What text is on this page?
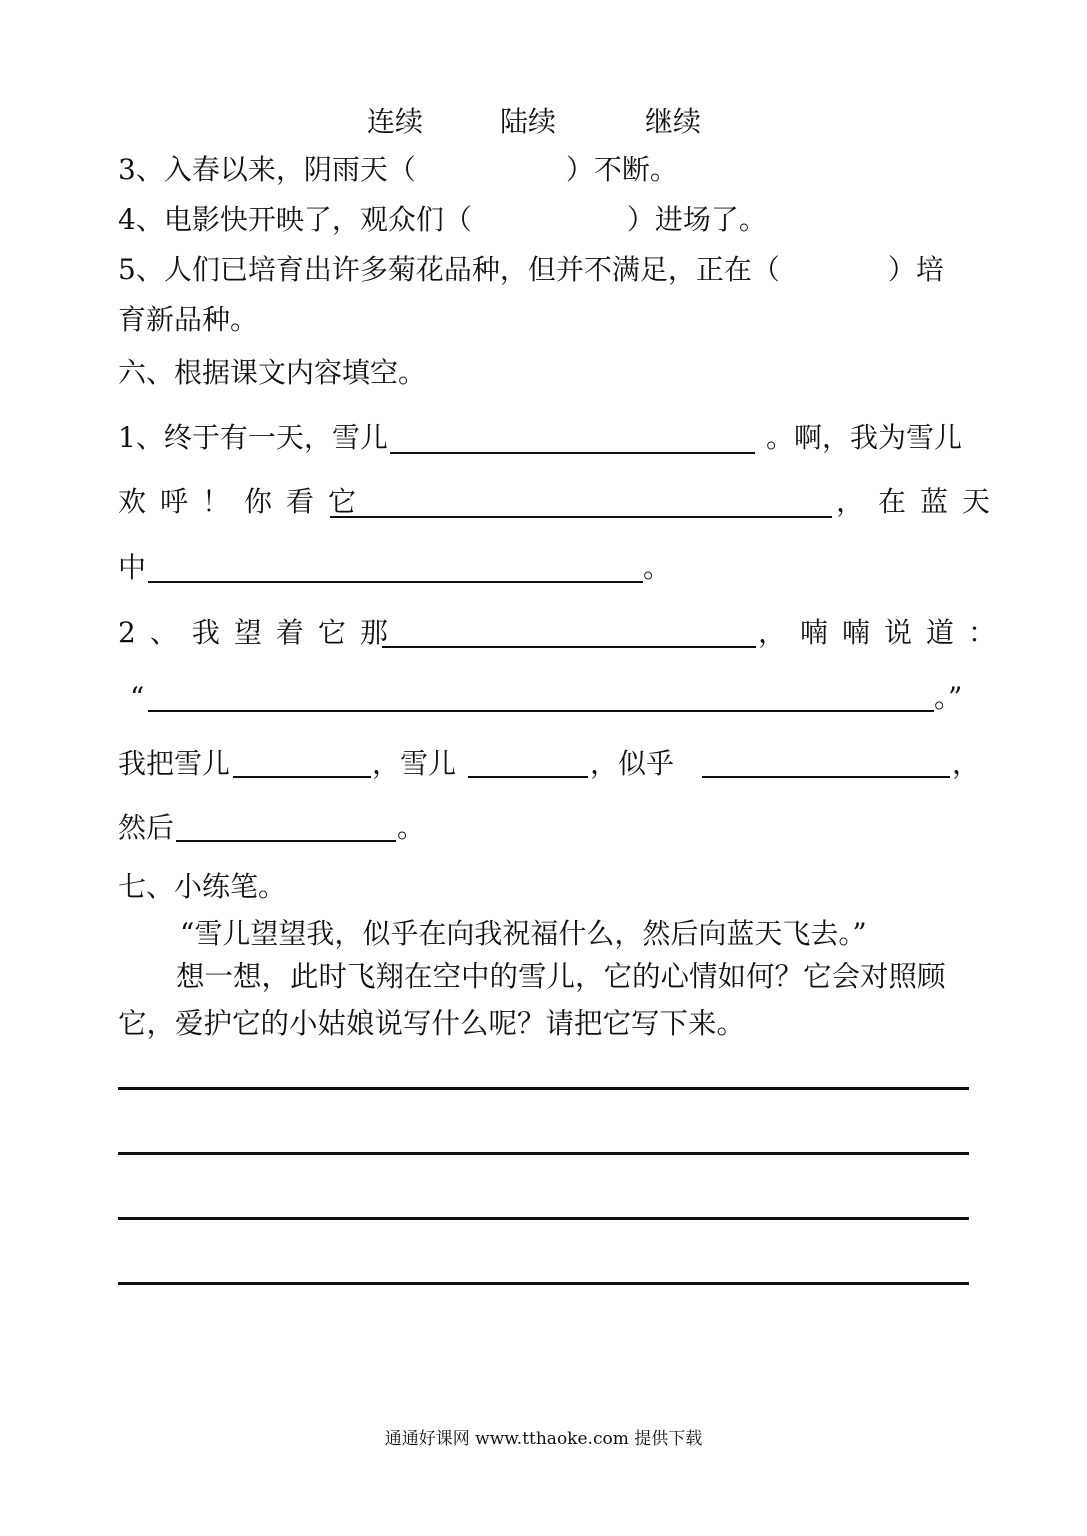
连续	陆续	继续
3、入春以来，阴雨天（	）不断。
4、电影快开映了，观众们（	）进场了。
5、人们已培育出许多菊花品种，但并不满足，正在（	）培
育新品种。
六、根据课文内容填空。
1、终于有一天，雪儿	。啊，我为雪儿
欢呼！你看它	，在蓝天
中	。
2、我望着它那	，喃喃说道：
“	。”
我把雪儿	，雪儿	，似乎	，
然后	。
七、小练笔。
“雪儿望望我，似乎在向我祝福什么，然后向蓝天飞去。”
想一想，此时飞翔在空中的雪儿，它的心情如何？它会对照顾
它，爱护它的小姑娘说写什么呢？请把它写下来。
通通好课网 www.tthaoke.com 提供下载
